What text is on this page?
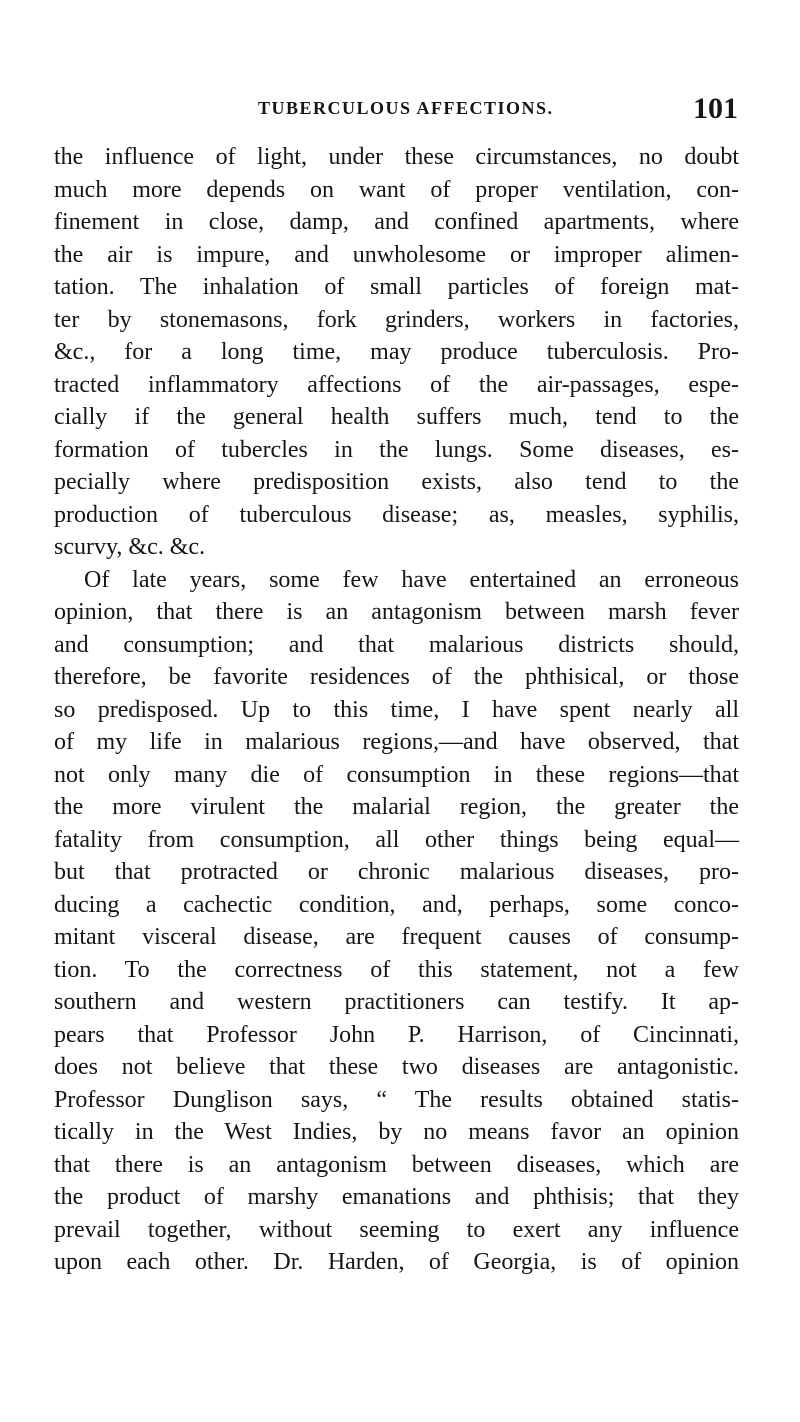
TUBERCULOUS AFFECTIONS.	101
the influence of light, under these circumstances, no doubt
much more depends on want of proper ventilation, con-
finement in close, damp, and confined apartments, where
the air is impure, and unwholesome or improper alimen-
tation. The inhalation of small particles of foreign mat-
ter by stonemasons, fork grinders, workers in factories,
&c., for a long time, may produce tuberculosis. Pro-
tracted inflammatory affections of the air-passages, espe-
cially if the general health suffers much, tend to the
formation of tubercles in the lungs. Some diseases, es-
pecially where predisposition exists, also tend to the
production of tuberculous disease; as, measles, syphilis,
scurvy, &c. &c.
Of late years, some few have entertained an erroneous
opinion, that there is an antagonism between marsh fever
and consumption; and that malarious districts should,
therefore, be favorite residences of the phthisical, or those
so predisposed. Up to this time, I have spent nearly all
of my life in malarious regions,—and have observed, that
not only many die of consumption in these regions—that
the more virulent the malarial region, the greater the
fatality from consumption, all other things being equal—
but that protracted or chronic malarious diseases, pro-
ducing a cachectic condition, and, perhaps, some conco-
mitant visceral disease, are frequent causes of consump-
tion. To the correctness of this statement, not a few
southern and western practitioners can testify. It ap-
pears that Professor John P. Harrison, of Cincinnati,
does not believe that these two diseases are antagonistic.
Professor Dunglison says, “ The results obtained statis-
tically in the West Indies, by no means favor an opinion
that there is an antagonism between diseases, which are
the product of marshy emanations and phthisis; that they
prevail together, without seeming to exert any influence
upon each other. Dr. Harden, of Georgia, is of opinion
